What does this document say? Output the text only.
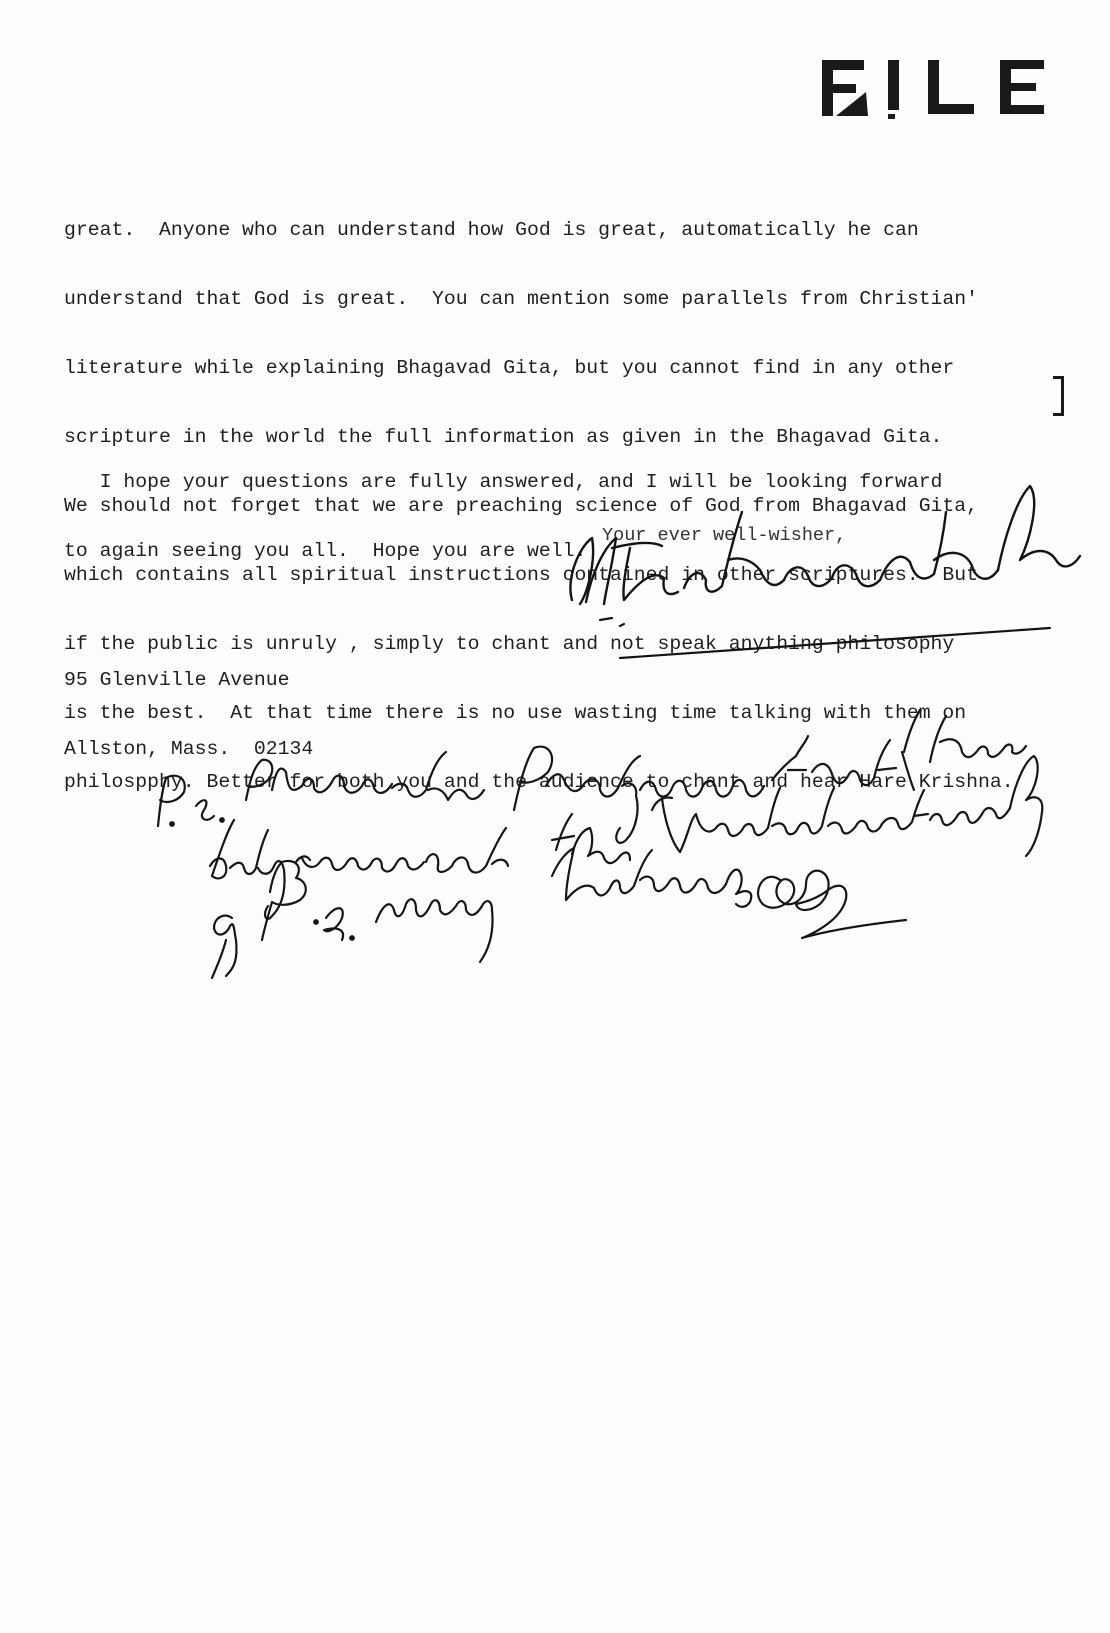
great.  Anyone who can understand how God is great, automatically he can

understand that God is great.  You can mention some parallels from Christian'

literature while explaining Bhagavad Gita, but you cannot find in any other

scripture in the world the full information as given in the Bhagavad Gita.

We should not forget that we are preaching science of God from Bhagavad Gita,

which contains all spiritual instructions contained in other scriptures.  But

if the public is unruly , simply to chant and not speak anything philosophy

is the best.  At that time there is no use wasting time talking with them on

philospphy. Better for both you and the audience to chant and hear Hare Krishna.

I hope your questions are fully answered, and I will be looking forward

to again seeing you all.  Hope you are well.

Your ever well-wisher,

95 Glenville Avenue

Allston, Mass.  02134
